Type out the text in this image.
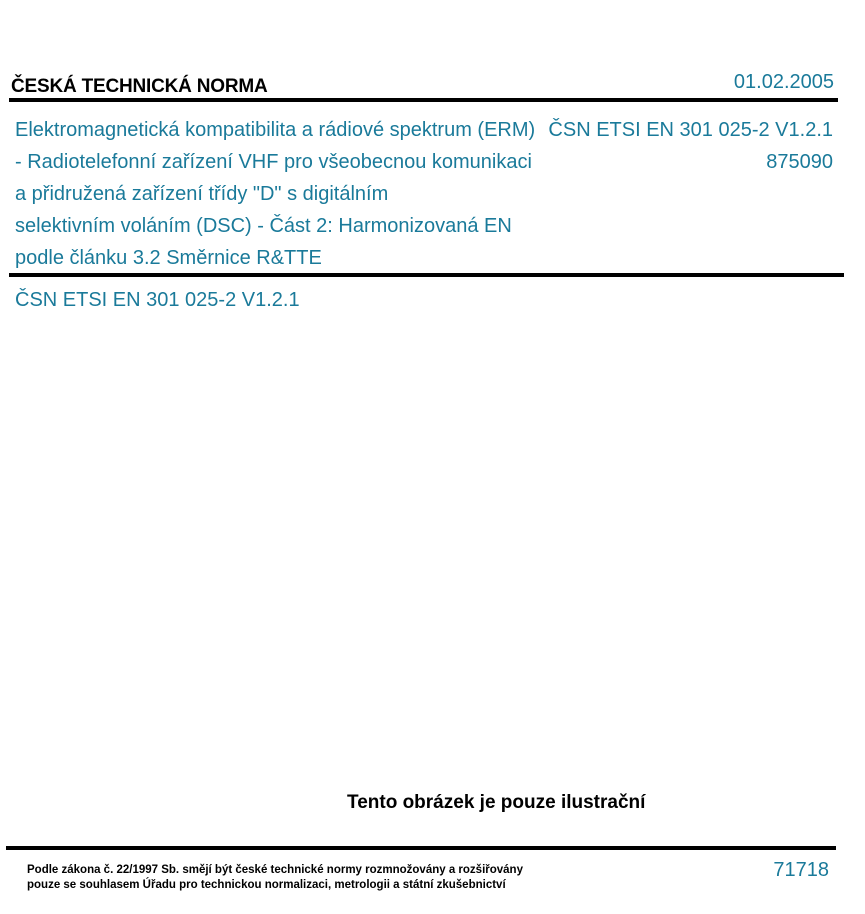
ČESKÁ TECHNICKÁ NORMA	01.02.2005
Elektromagnetická kompatibilita a rádiové spektrum (ERM)
- Radiotelefonní zařízení VHF pro všeobecnou komunikaci
a přidružená zařízení třídy "D" s digitálním
selektivním voláním (DSC) - Část 2: Harmonizovaná EN
podle článku 3.2 Směrnice R&TTE
ČSN ETSI EN 301 025-2 V1.2.1
875090
ČSN ETSI EN 301 025-2 V1.2.1
Tento obrázek je pouze ilustrační
Podle zákona č. 22/1997 Sb. smějí být české technické normy rozmnožovány a rozšiřovány
pouze se souhlasem Úřadu pro technickou normalizaci, metrologii a státní zkušebnictví
71718
